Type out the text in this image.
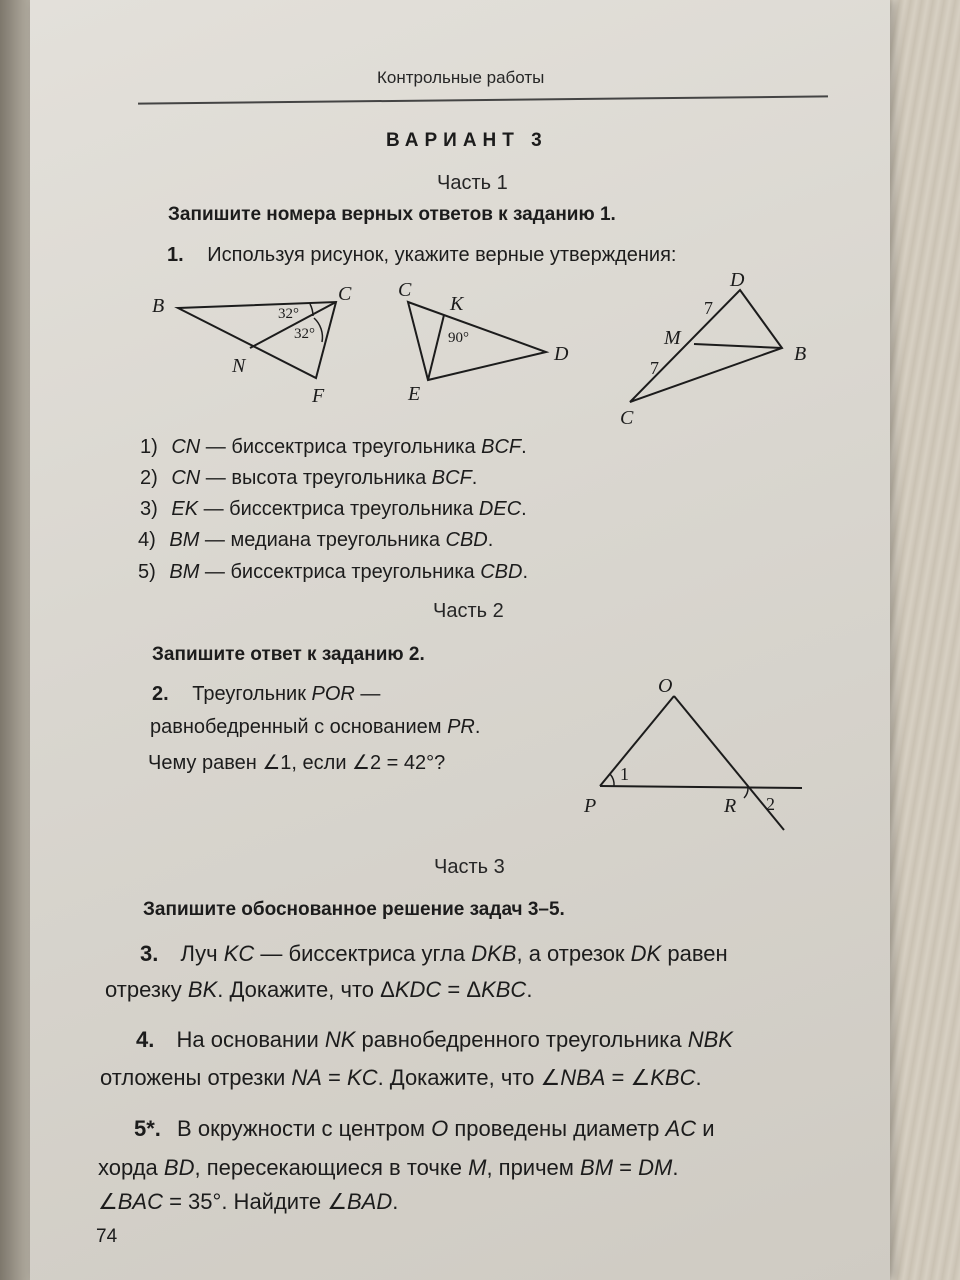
Контрольные работы

ВАРИАНТ 3

Часть 1

Запишите номера верных ответов к заданию 1.

1. Используя рисунок, укажите верные утверждения:

B
C
N
F
32°
32°
C
K
D
E
90°
D
M
B
C
7
7

1) CN — биссектриса треугольника BCF.

2) CN — высота треугольника BCF.

3) EK — биссектриса треугольника DEC.

4) BM — медиана треугольника CBD.

5) BM — биссектриса треугольника CBD.

Часть 2

Запишите ответ к заданию 2.

2. Треугольник POR —

равнобедренный с основанием PR.

Чему равен ∠1, если ∠2 = 42°?

O
P	R
1
2

Часть 3

Запишите обоснованное решение задач 3–5.

3. Луч KC — биссектриса угла DKB, а отрезок DK равен

отрезку BK. Докажите, что ΔKDC = ΔKBC.

4. На основании NK равнобедренного треугольника NBK

отложены отрезки NA = KC. Докажите, что ∠NBA = ∠KBC.

5*. В окружности с центром O проведены диаметр AC и

хорда BD, пересекающиеся в точке M, причем BM = DM.

∠BAC = 35°. Найдите ∠BAD.

74
